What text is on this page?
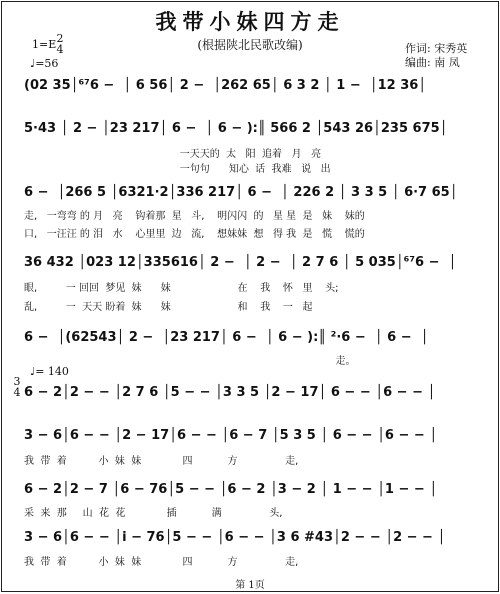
我带小妹四方走
(根据陕北民歌改编)
1=E 2
4
♩=56
作词: 宋秀英
编曲: 南 凤
(02 35│⁶⁷6 −  │ 6 56│ 2 −  │262 65│ 6 3 2 │ 1 −  │12 36│
5·43 │ 2 − │23 217│ 6 −  │ 6 − ):║ 566 2 │543 26│235 675│
一天天的  太   阳  追着   月   亮
一句句      知心  话  我难   说   出
6 −  │266 5 │6321·2│336 217│ 6 −  │ 226 2 │ 3 3 5 │ 6·7 65│
走,   一弯弯 的 月   亮    钩着那  星   斗,    明闪闪  的   星 星  是   妹    妹的
口,   一汪汪 的 泪   水    心里里  边   流,    想妹妹  想   得 我  是   慌    慌的
36 432 │023 12│335616│ 2 −  │ 2 −  │ 2 7 6 │ 5 035│⁶⁷6 −  │
眼,         一 回回  梦见  妹      妹                     在    我    怀   里    头;
乱,         一  天天 盼着  妹      妹                     和    我    一   起
6 −  │(62543│ 2 −  │23 217│ 6 −  │ 6 − ):║ ²·6 −  │ 6 −  │
走。
♩= 140
3
4 6 − 2│2 − − │2 7 6 │5 − − │3 3 5 │2 − 17│ 6 − − │6 − − │
3 − 6│6 − − │2 − 17│6 − − │6 − 7 │5 3 5 │ 6 − − │6 − − │
我  带  着          小  妹  妹             四           方               走,
6 − 2│2 − 7 │6 − 76│5 − − │6 − 2 │3 − 2 │ 1 − − │1 − − │
采  来  那     山  花  花             插           满               头,
3 − 6│6 − − │i − 76│5 − − │6 − − │3 6 #43│2 − − │2 − − │
我  带  着          小  妹  妹             四           方               走,
第 1页
